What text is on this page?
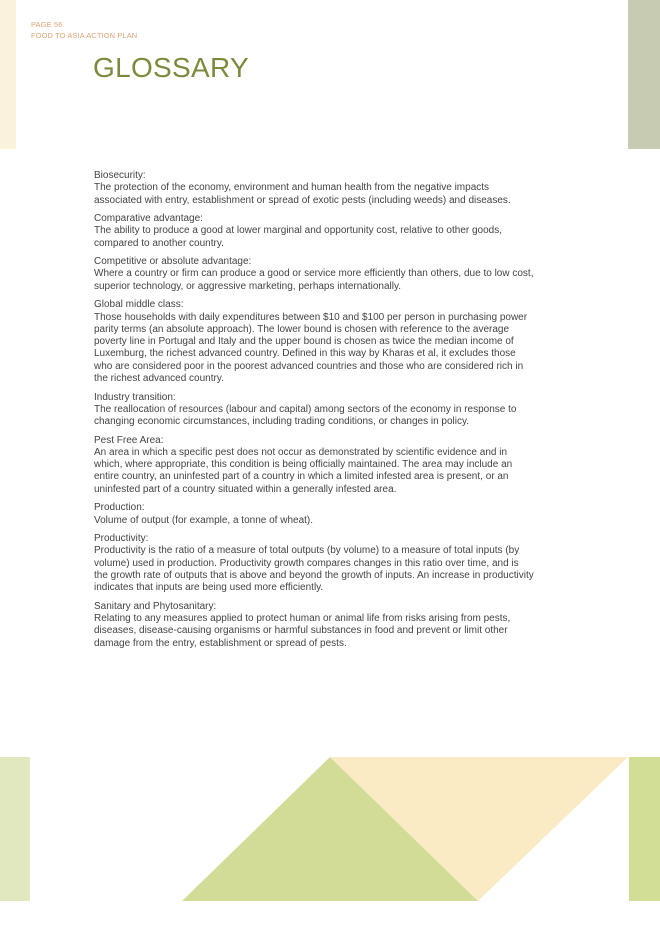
PAGE 56
FOOD TO ASIA ACTION PLAN
GLOSSARY
Biosecurity:
The protection of the economy, environment and human health from the negative impacts associated with entry, establishment or spread of exotic pests (including weeds) and diseases.
Comparative advantage:
The ability to produce a good at lower marginal and opportunity cost, relative to other goods, compared to another country.
Competitive or absolute advantage:
Where a country or firm can produce a good or service more efficiently than others, due to low cost, superior technology, or aggressive marketing, perhaps internationally.
Global middle class:
Those households with daily expenditures between $10 and $100 per person in purchasing power parity terms (an absolute approach). The lower bound is chosen with reference to the average poverty line in Portugal and Italy and the upper bound is chosen as twice the median income of Luxemburg, the richest advanced country. Defined in this way by Kharas et al, it excludes those who are considered poor in the poorest advanced countries and those who are considered rich in the richest advanced country.
Industry transition:
The reallocation of resources (labour and capital) among sectors of the economy in response to changing economic circumstances, including trading conditions, or changes in policy.
Pest Free Area:
An area in which a specific pest does not occur as demonstrated by scientific evidence and in which, where appropriate, this condition is being officially maintained. The area may include an entire country, an uninfested part of a country in which a limited infested area is present, or an uninfested part of a country situated within a generally infested area.
Production:
Volume of output (for example, a tonne of wheat).
Productivity:
Productivity is the ratio of a measure of total outputs (by volume) to a measure of total inputs (by volume) used in production. Productivity growth compares changes in this ratio over time, and is the growth rate of outputs that is above and beyond the growth of inputs. An increase in productivity indicates that inputs are being used more efficiently.
Sanitary and Phytosanitary:
Relating to any measures applied to protect human or animal life from risks arising from pests, diseases, disease-causing organisms or harmful substances in food and prevent or limit other damage from the entry, establishment or spread of pests.
